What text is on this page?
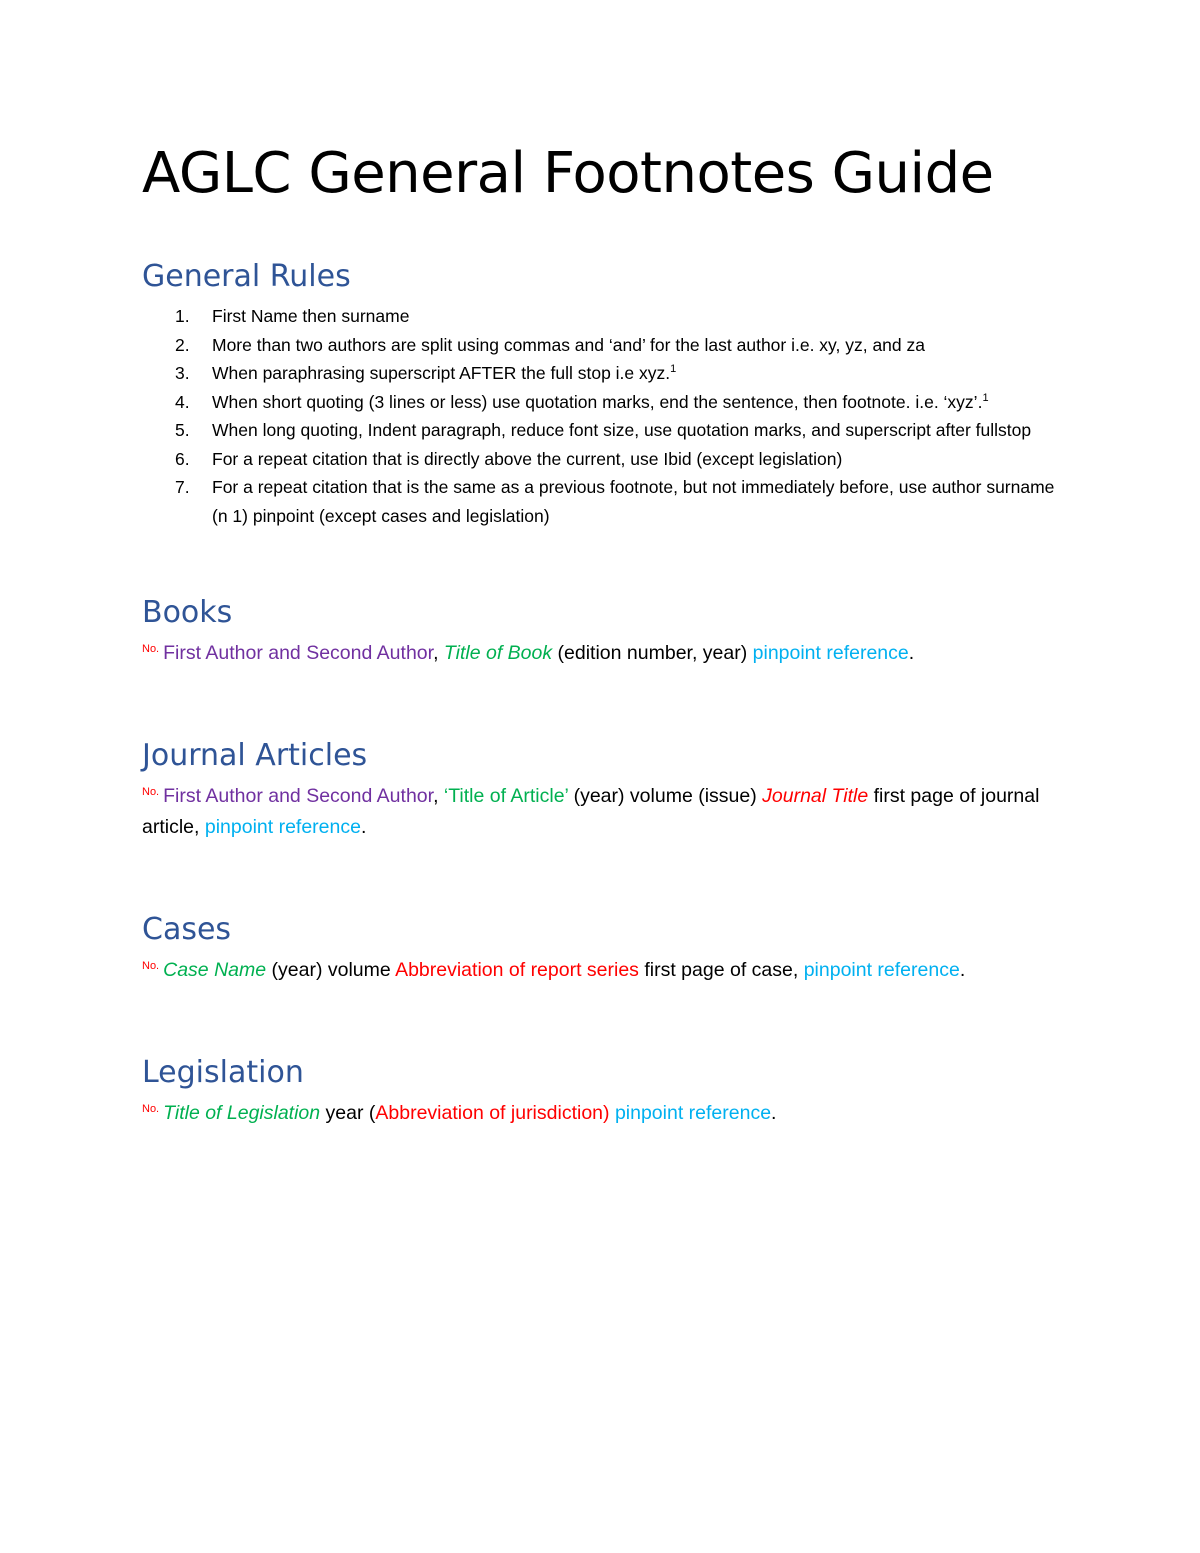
AGLC General Footnotes Guide
General Rules
1. First Name then surname
2. More than two authors are split using commas and ‘and’ for the last author i.e. xy, yz, and za
3. When paraphrasing superscript AFTER the full stop i.e xyz.$^1$
4. When short quoting (3 lines or less) use quotation marks, end the sentence, then footnote. i.e. ‘xyz’.$^1$
5. When long quoting, Indent paragraph, reduce font size, use quotation marks, and superscript after fullstop
6. For a repeat citation that is directly above the current, use Ibid (except legislation)
7. For a repeat citation that is the same as a previous footnote, but not immediately before, use author surname (n 1) pinpoint (except cases and legislation)
Books

$^{No.}$ First Author and Second Author, Title of Book (edition number, year) pinpoint reference.

Journal Articles

$^{No.}$ First Author and Second Author, ‘Title of Article’ (year) volume (issue) Journal Title first page of journal article, pinpoint reference.

Cases

$^{No.}$ Case Name (year) volume Abbreviation of report series first page of case, pinpoint reference.

Legislation

$^{No.}$ Title of Legislation year (Abbreviation of jurisdiction) pinpoint reference.
